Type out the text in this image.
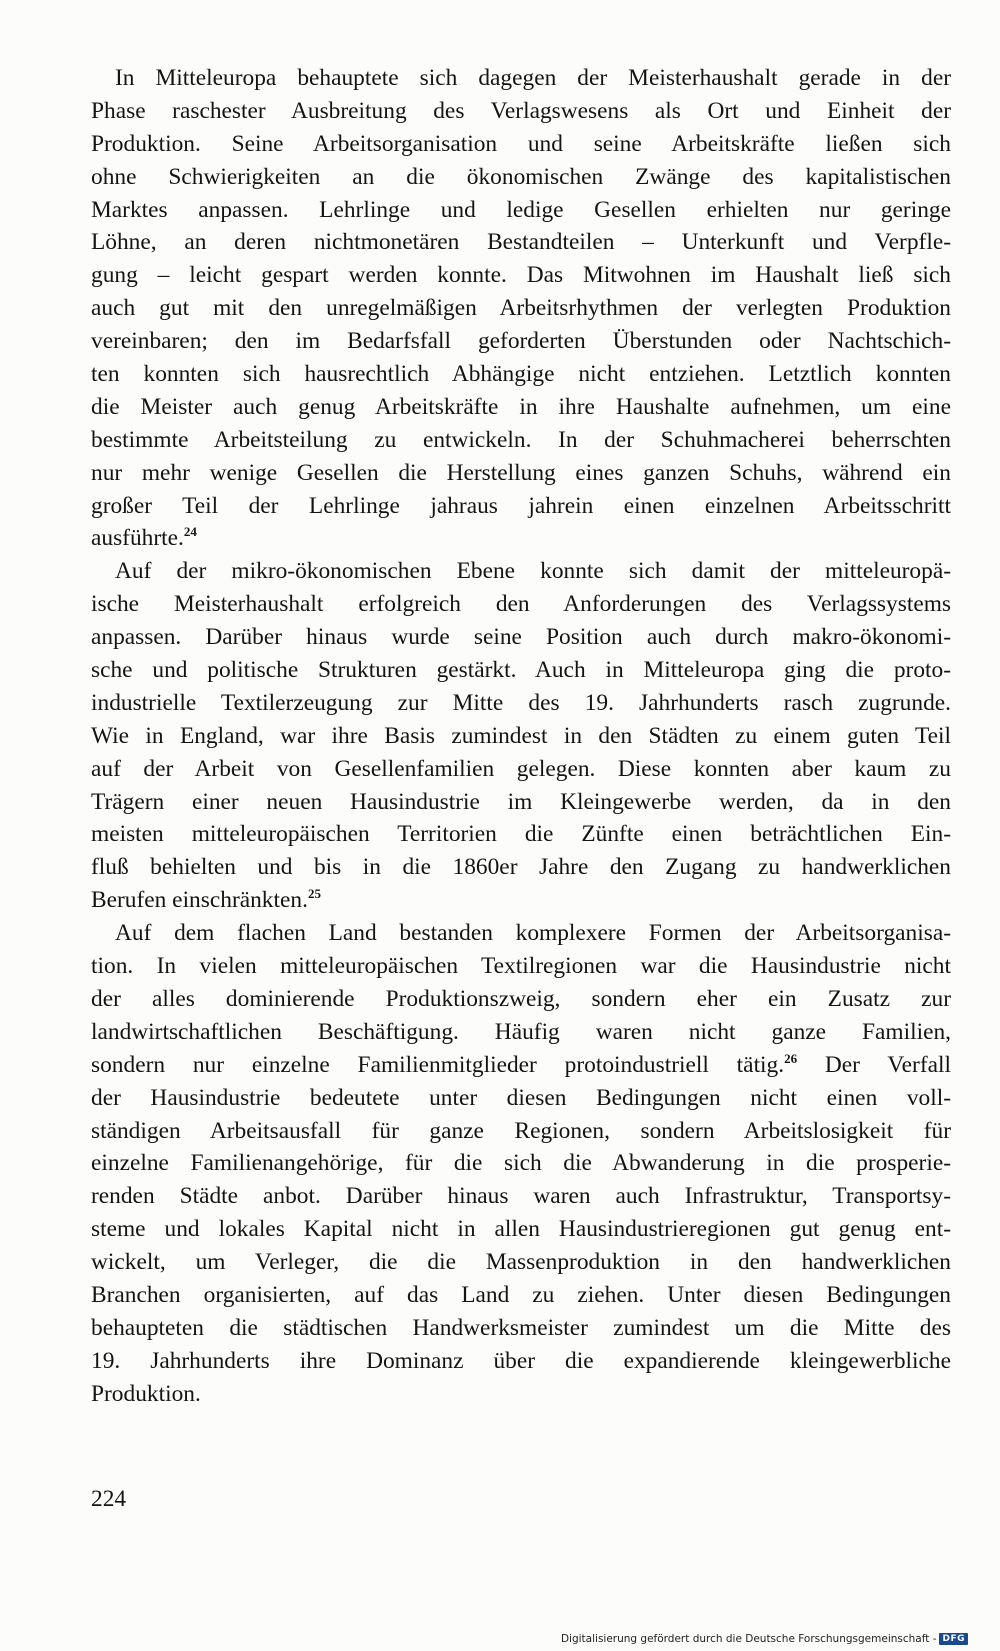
In Mitteleuropa behauptete sich dagegen der Meisterhaushalt gerade in der
Phase raschester Ausbreitung des Verlagswesens als Ort und Einheit der
Produktion. Seine Arbeitsorganisation und seine Arbeitskräfte ließen sich
ohne Schwierigkeiten an die ökonomischen Zwänge des kapitalistischen
Marktes anpassen. Lehrlinge und ledige Gesellen erhielten nur geringe
Löhne, an deren nichtmonetären Bestandteilen – Unterkunft und Verpfle-
gung – leicht gespart werden konnte. Das Mitwohnen im Haushalt ließ sich
auch gut mit den unregelmäßigen Arbeitsrhythmen der verlegten Produktion
vereinbaren; den im Bedarfsfall geforderten Überstunden oder Nachtschich-
ten konnten sich hausrechtlich Abhängige nicht entziehen. Letztlich konnten
die Meister auch genug Arbeitskräfte in ihre Haushalte aufnehmen, um eine
bestimmte Arbeitsteilung zu entwickeln. In der Schuhmacherei beherrschten
nur mehr wenige Gesellen die Herstellung eines ganzen Schuhs, während ein
großer Teil der Lehrlinge jahraus jahrein einen einzelnen Arbeitsschritt
ausführte.$^{24}$
Auf der mikro-ökonomischen Ebene konnte sich damit der mitteleuropä-
ische Meisterhaushalt erfolgreich den Anforderungen des Verlagssystems
anpassen. Darüber hinaus wurde seine Position auch durch makro-ökonomi-
sche und politische Strukturen gestärkt. Auch in Mitteleuropa ging die proto-
industrielle Textilerzeugung zur Mitte des 19. Jahrhunderts rasch zugrunde.
Wie in England, war ihre Basis zumindest in den Städten zu einem guten Teil
auf der Arbeit von Gesellenfamilien gelegen. Diese konnten aber kaum zu
Trägern einer neuen Hausindustrie im Kleingewerbe werden, da in den
meisten mitteleuropäischen Territorien die Zünfte einen beträchtlichen Ein-
fluß behielten und bis in die 1860er Jahre den Zugang zu handwerklichen
Berufen einschränkten.$^{25}$
Auf dem flachen Land bestanden komplexere Formen der Arbeitsorganisa-
tion. In vielen mitteleuropäischen Textilregionen war die Hausindustrie nicht
der alles dominierende Produktionszweig, sondern eher ein Zusatz zur
landwirtschaftlichen Beschäftigung. Häufig waren nicht ganze Familien,
sondern nur einzelne Familienmitglieder protoindustriell tätig.$^{26}$ Der Verfall
der Hausindustrie bedeutete unter diesen Bedingungen nicht einen voll-
ständigen Arbeitsausfall für ganze Regionen, sondern Arbeitslosigkeit für
einzelne Familienangehörige, für die sich die Abwanderung in die prosperie-
renden Städte anbot. Darüber hinaus waren auch Infrastruktur, Transportsy-
steme und lokales Kapital nicht in allen Hausindustrieregionen gut genug ent-
wickelt, um Verleger, die die Massenproduktion in den handwerklichen
Branchen organisierten, auf das Land zu ziehen. Unter diesen Bedingungen
behaupteten die städtischen Handwerksmeister zumindest um die Mitte des
19. Jahrhunderts ihre Dominanz über die expandierende kleingewerbliche
Produktion.
224
Digitalisierung gefördert durch die Deutsche Forschungsgemeinschaft - DFG
